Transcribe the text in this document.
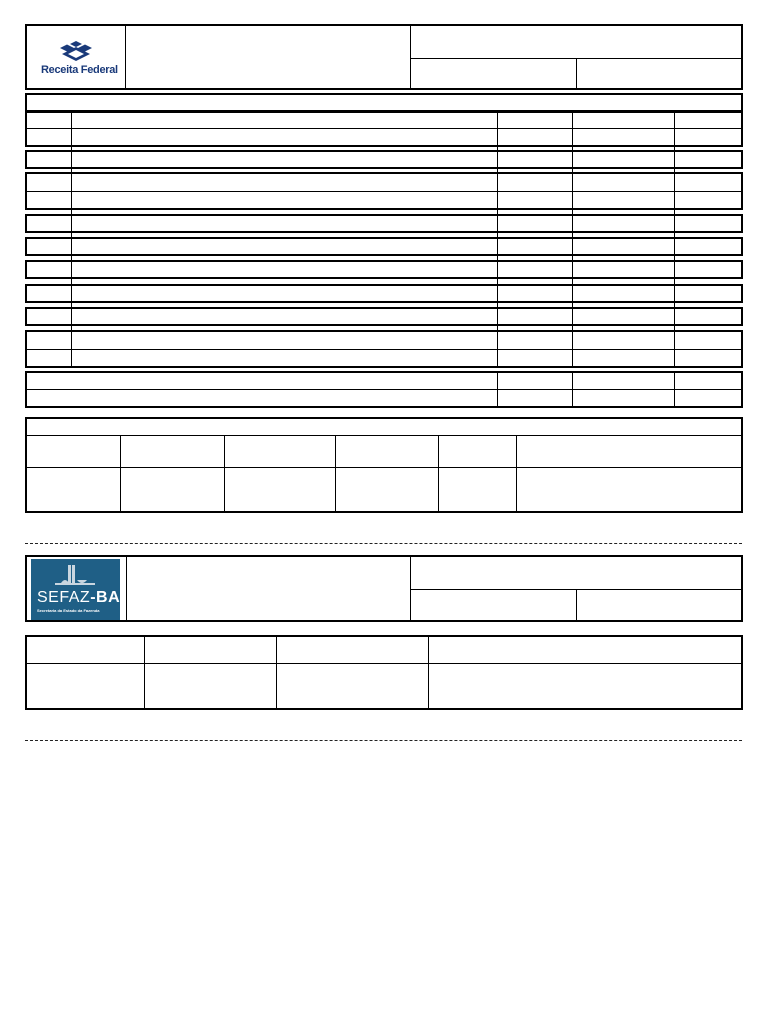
Receita Federal
SEFAZ-BA
Secretaria da Estado da Fazenda
